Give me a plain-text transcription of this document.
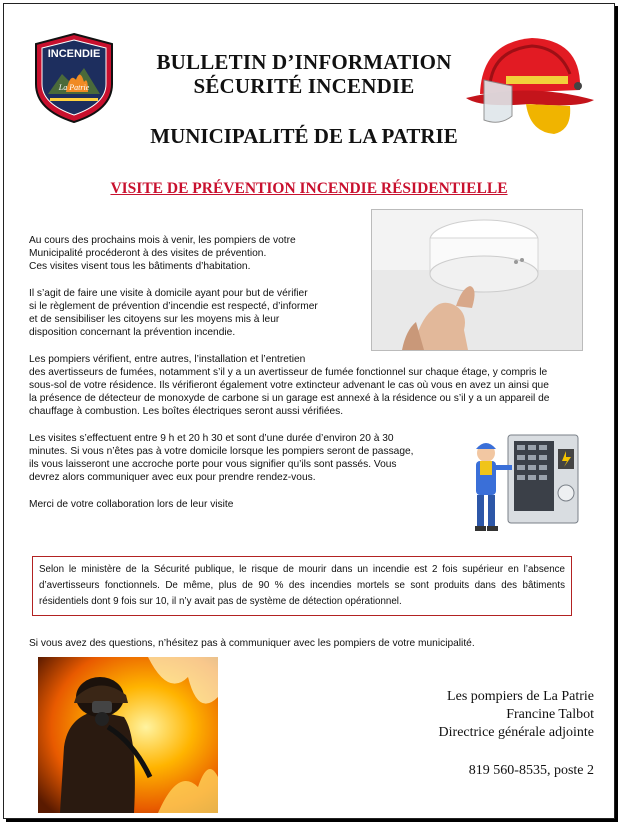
INCENDIE
La Patrie
BULLETIN D’INFORMATION
SÉCURITÉ INCENDIE
MUNICIPALITÉ DE LA PATRIE
VISITE DE PRÉVENTION INCENDIE RÉSIDENTIELLE

Au cours des prochains mois à venir, les pompiers de votre
Municipalité procéderont à des visites de prévention.
Ces visites visent tous les bâtiments d’habitation.

Il s’agit de faire une visite à domicile ayant pour but de vérifier
si le règlement de prévention d’incendie est respecté, d’informer
et de sensibiliser les citoyens sur les moyens mis à leur
disposition concernant la prévention incendie.

Les pompiers vérifient, entre autres, l’installation et l’entretien
des avertisseurs de fumées, notamment s’il y a un avertisseur de fumée fonctionnel sur chaque étage, y compris le
sous-sol de votre résidence. Ils vérifieront également votre extincteur advenant le cas où vous en avez un ainsi que
la présence de détecteur de monoxyde de carbone si un garage est annexé à la résidence ou s’il y a un appareil de
chauffage à combustion. Les boîtes électriques seront aussi vérifiées.

Les visites s’effectuent entre 9 h et 20 h 30 et sont d’une durée d’environ 20 à 30
minutes. Si vous n’êtes pas à votre domicile lorsque les pompiers seront de passage,
ils vous laisseront une accroche porte pour vous signifier qu’ils sont passés. Vous
devrez alors communiquer avec eux pour prendre rendez-vous.

Merci de votre collaboration lors de leur visite

Selon le ministère de la Sécurité publique, le risque de mourir dans un incendie est 2 fois supérieur en l’absence d’avertisseurs fonctionnels. De même, plus de 90 % des incendies mortels se sont produits dans des bâtiments résidentiels dont 9 fois sur 10, il n’y avait pas de système de détection opérationnel.
Si vous avez des questions, n’hésitez pas à communiquer avec les pompiers de votre municipalité.
Les pompiers de La Patrie
Francine Talbot
Directrice générale adjointe
819 560-8535, poste 2
